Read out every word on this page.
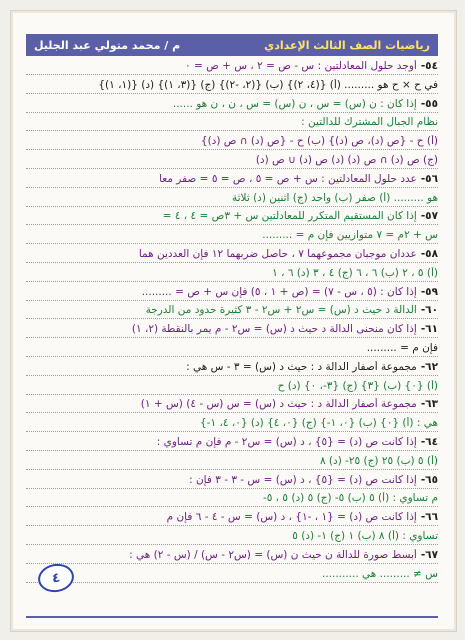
رياضيات الصف الثالث الإعدادي
م / محمد متولي عبد الجليل
٥٤-أوجد حلول المعادلتين : س - ص = ٢ ، س + ص = ٠
في ح × ح هو ......... (أ) {(٤، ٢)} (ب) {(٢، -٢)} (ج) {(٣، ١)} (د) {(١، ١)}
٥٥-إذا كان : ن (س) = س ، ن (س) = س ، ن ، ن هو ......
نظام الجبال المشترك للدالتين :
(أ) ح - {ص (د)، ص (د)} (ب) ح - {ص (د) ∩ ص (د)}
(ج) ص (د) ∩ ص (د) (د) ص (د) ∪ ص (د)
٥٦-عدد حلول المعادلتين : س + ص = ٥ ، ص = ٥ = صفر معاً
هو ......... (أ) صفر (ب) واحد (ج) اثنين (د) ثلاثة
٥٧-إذا كان المستقيم المتكرر للمعادلتين س + ٣ص = ٤ ، ٤ =
س + ٢م = ٧ متوازيين فإن م = .........
٥٨-عددان موجبان مجموعهما ٧ ، حاصل ضربهما ١٢ فإن العددين هما
(أ) ٥ ، ٢ (ب) ٦ ، ٦ (ج) ٤ ، ٣ (د) ٦ ، ١
٥٩-إذا كان : (٥ ، س - ٧) = (ص + ١ ، ٥) فإن س + ص = .........
٦٠-الدالة د حيث د (س) = س٢ + س٢ - ٣ كثيرة حدود من الدرجة
٦١-إذا كان منحنى الدالة د حيث د (س) = س٢ - م يمر بالنقطة (٢، ١)
فإن م = .........
٦٢-مجموعة أصفار الدالة د : حيث د (س) = ٣ - س هي :
(أ) {٠} (ب) {٣} (ج) {٣-، ٠} (د) ح
٦٣-مجموعة أصفار الدالة د : حيث د (س) = س (س - ٤) (س + ١)
هي : (أ) {٠} (ب) {٠، ١-} (ج) {٠، ٤} (د) {٠، ٤، ١-}
٦٤-إذا كانت ص (د) = {٥} ، د (س) = س٢ - م فإن م تساوي :
(أ) ٥ (ب) ٢٥ (ج) ٢٥- (د) ٨
٦٥-إذا كانت ص (د) = {٥} ، د (س) = س - ٣ - ٣ فإن :
م تساوي : (أ) ٥ (ب) ٥- (ج) ٥ (د) ٥ ، ٥-
٦٦-إذا كانت ص (د) = {١ ، -١} ، د (س) = س - ٤ - ٦ فإن م
تساوي : (أ) ٨ (ب) ١ (ج) ١- (د) ٥
٦٧-أبسط صورة للدالة ن حيث ن (س) = (س٢ - س) / (س - ٢) هي :
س ≠ ......... هي ...........
٤
